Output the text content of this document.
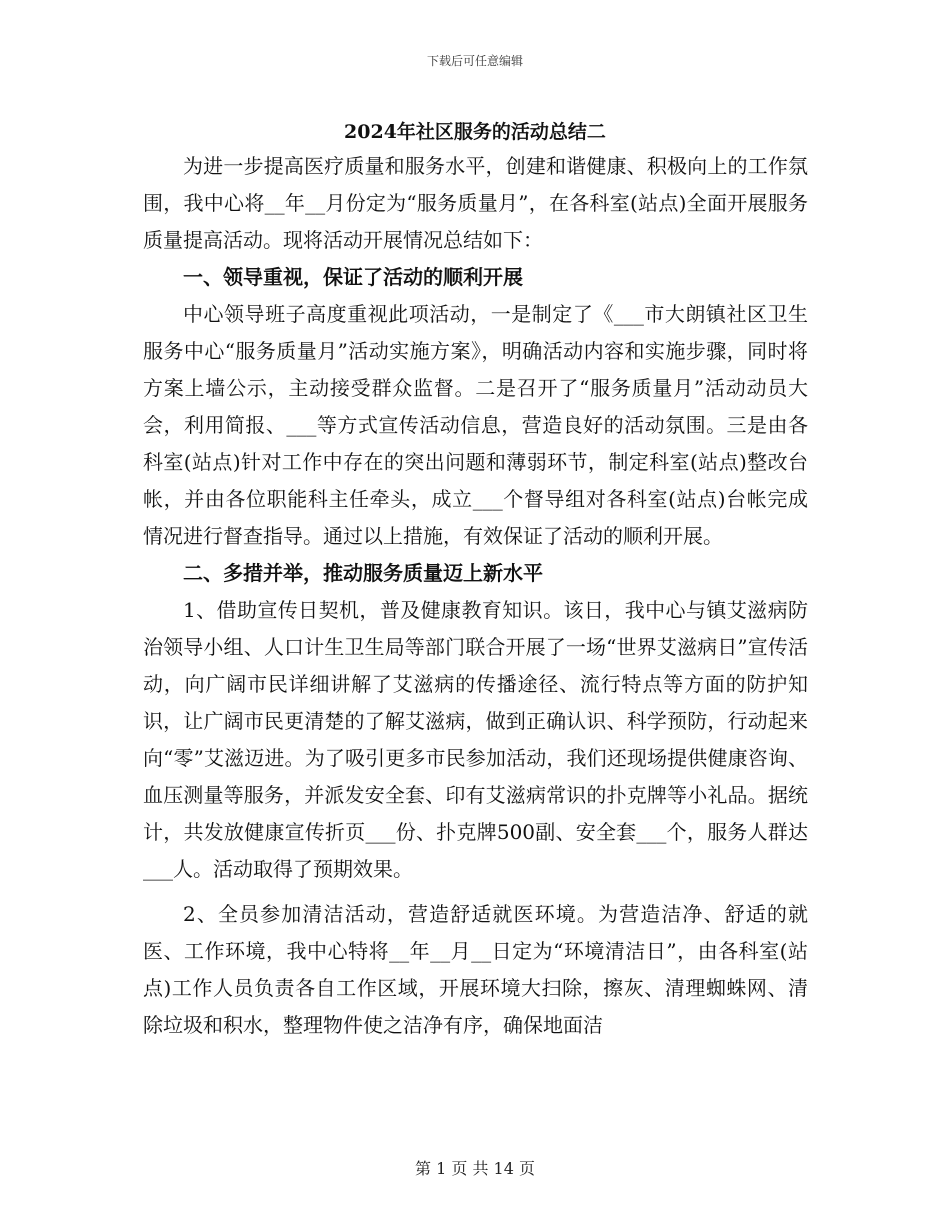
下载后可任意编辑
2024年社区服务的活动总结二

为进一步提高医疗质量和服务水平，创建和谐健康、积极向上的工作氛围，我中心将__年__月份定为“服务质量月”，在各科室(站点)全面开展服务质量提高活动。现将活动开展情况总结如下：

一、领导重视，保证了活动的顺利开展

中心领导班子高度重视此项活动，一是制定了《___市大朗镇社区卫生服务中心“服务质量月”活动实施方案》，明确活动内容和实施步骤，同时将方案上墙公示，主动接受群众监督。二是召开了“服务质量月”活动动员大会，利用简报、___等方式宣传活动信息，营造良好的活动氛围。三是由各科室(站点)针对工作中存在的突出问题和薄弱环节，制定科室(站点)整改台帐，并由各位职能科主任牵头，成立___个督导组对各科室(站点)台帐完成情况进行督查指导。通过以上措施，有效保证了活动的顺利开展。

二、多措并举，推动服务质量迈上新水平

1、借助宣传日契机，普及健康教育知识。该日，我中心与镇艾滋病防治领导小组、人口计生卫生局等部门联合开展了一场“世界艾滋病日”宣传活动，向广阔市民详细讲解了艾滋病的传播途径、流行特点等方面的防护知识，让广阔市民更清楚的了解艾滋病，做到正确认识、科学预防，行动起来向“零”艾滋迈进。为了吸引更多市民参加活动，我们还现场提供健康咨询、血压测量等服务，并派发安全套、印有艾滋病常识的扑克牌等小礼品。据统计，共发放健康宣传折页___份、扑克牌500副、安全套___个，服务人群达___人。活动取得了预期效果。

2、全员参加清洁活动，营造舒适就医环境。为营造洁净、舒适的就医、工作环境，我中心特将__年__月__日定为“环境清洁日”，由各科室(站点)工作人员负责各自工作区域，开展环境大扫除，擦灰、清理蜘蛛网、清除垃圾和积水，整理物件使之洁净有序，确保地面洁

第 1 页 共 14 页
